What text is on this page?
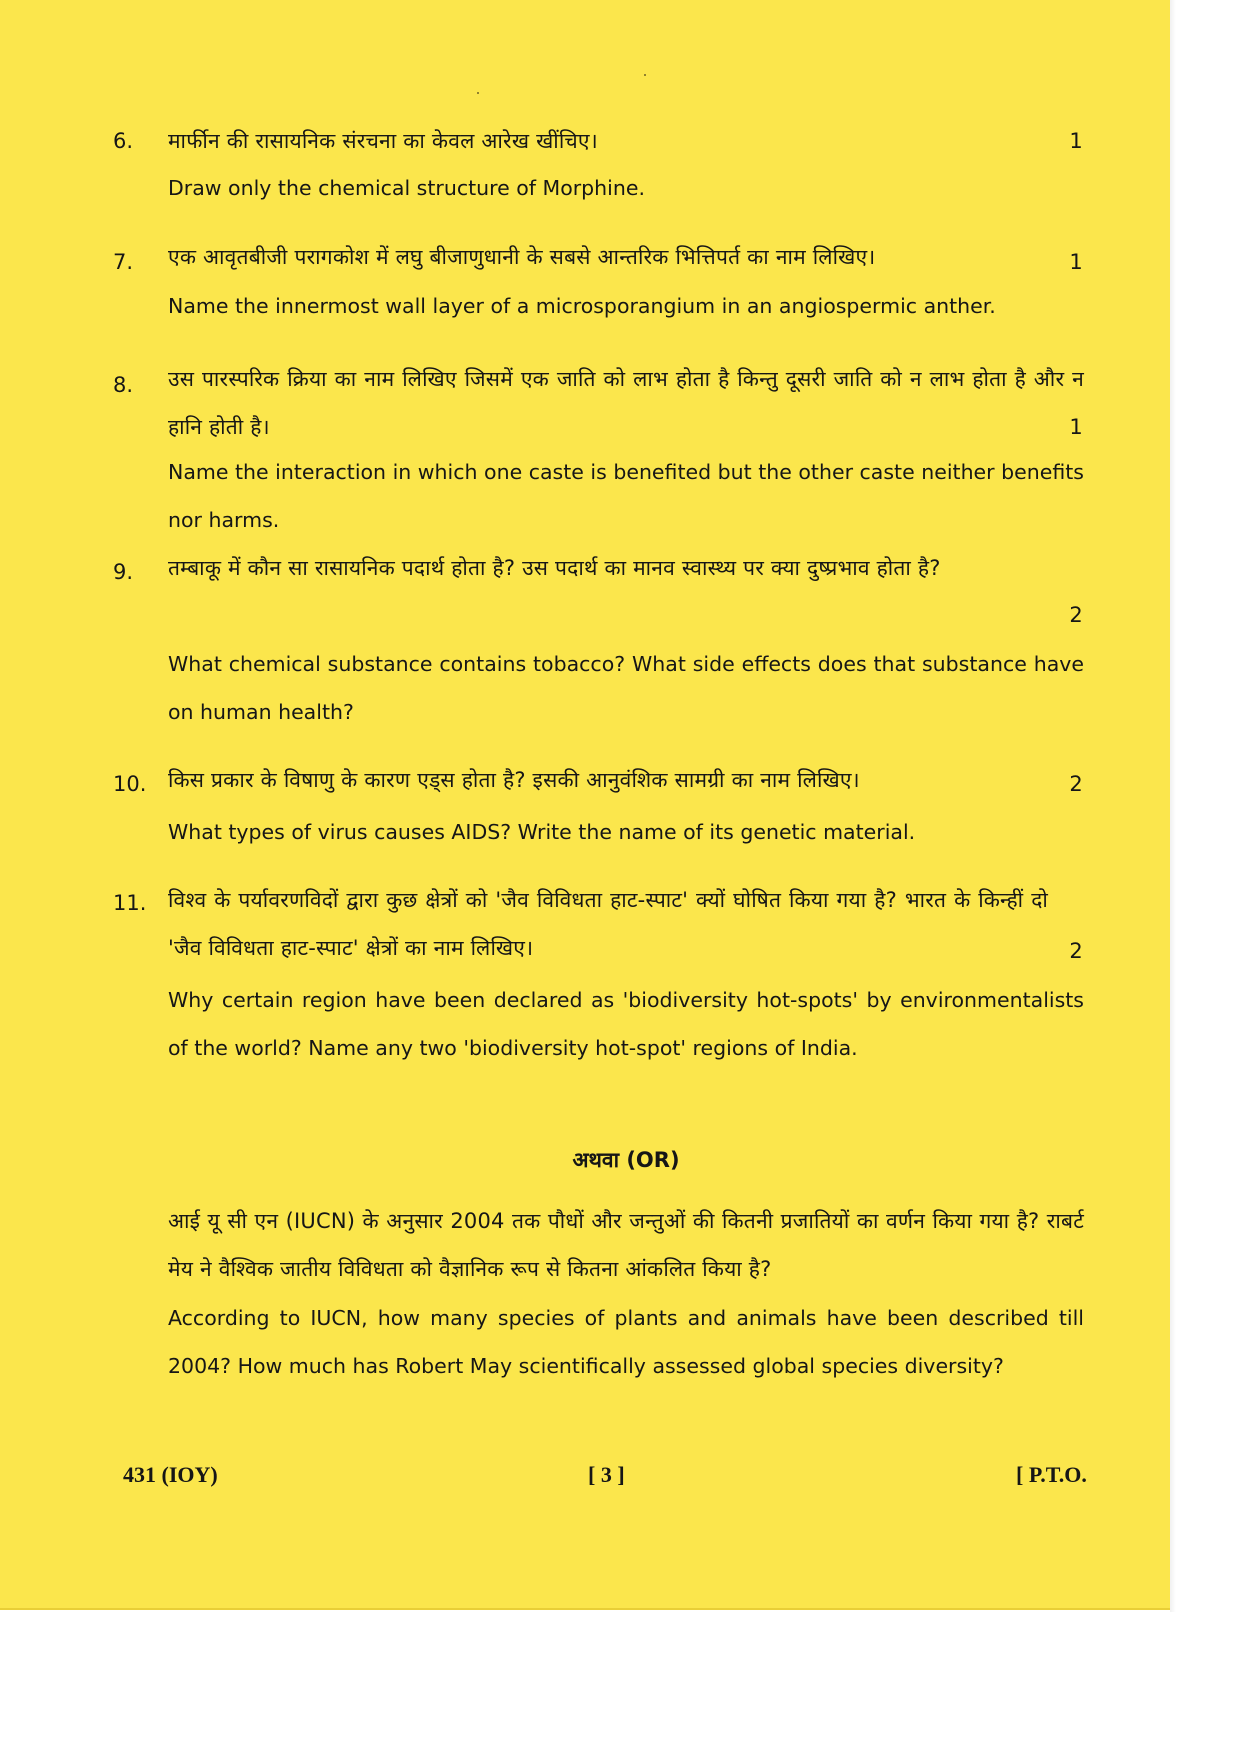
6. मार्फीन की रासायनिक संरचना का केवल आरेख खींचिए।	1
Draw only the chemical structure of Morphine.
7. एक आवृतबीजी परागकोश में लघु बीजाणुधानी के सबसे आन्तरिक भित्तिपर्त का नाम लिखिए।	1
Name the innermost wall layer of a microsporangium in an angiospermic anther.
8. उस पारस्परिक क्रिया का नाम लिखिए जिसमें एक जाति को लाभ होता है किन्तु दूसरी जाति को न लाभ होता है और न हानि होती है।	1
Name the interaction in which one caste is benefited but the other caste neither benefits nor harms.
9. तम्बाकू में कौन सा रासायनिक पदार्थ होता है? उस पदार्थ का मानव स्वास्थ्य पर क्या दुष्प्रभाव होता है?
2
What chemical substance contains tobacco? What side effects does that substance have on human health?
10. किस प्रकार के विषाणु के कारण एड्स होता है? इसकी आनुवंशिक सामग्री का नाम लिखिए।	2
What types of virus causes AIDS? Write the name of its genetic material.
11. विश्व के पर्यावरणविदों द्वारा कुछ क्षेत्रों को 'जैव विविधता हाट-स्पाट' क्यों घोषित किया गया है? भारत के किन्हीं दो 'जैव विविधता हाट-स्पाट' क्षेत्रों का नाम लिखिए।	2
Why certain region have been declared as 'biodiversity hot-spots' by environmentalists of the world? Name any two 'biodiversity hot-spot' regions of India.
अथवा (OR)
आई यू सी एन (IUCN) के अनुसार 2004 तक पौधों और जन्तुओं की कितनी प्रजातियों का वर्णन किया गया है? राबर्ट मेय ने वैश्विक जातीय विविधता को वैज्ञानिक रूप से कितना आंकलित किया है?
According to IUCN, how many species of plants and animals have been described till 2004? How much has Robert May scientifically assessed global species diversity?
431 (IOY)	[ 3 ]	[ P.T.O.
